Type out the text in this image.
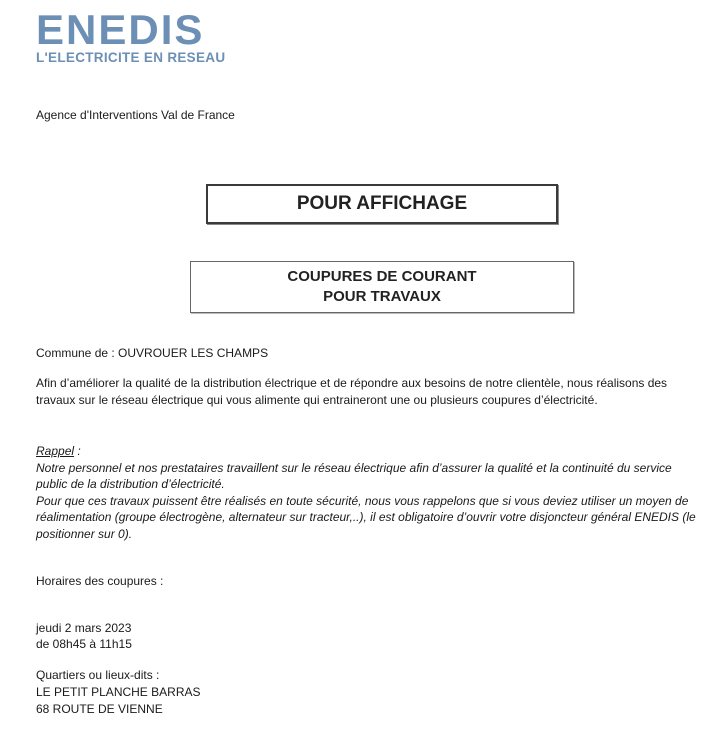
ENEDIS
L'ELECTRICITE EN RESEAU
Agence d'Interventions Val de France
POUR AFFICHAGE
COUPURES DE COURANT
POUR TRAVAUX
Commune de : OUVROUER LES CHAMPS
Afin d’améliorer la qualité de la distribution électrique et de répondre aux besoins de notre clientèle, nous réalisons des travaux sur le réseau électrique qui vous alimente qui entraineront une ou plusieurs coupures d’électricité.
Rappel :
Notre personnel et nos prestataires travaillent sur le réseau électrique afin d’assurer la qualité et la continuité du service public de la distribution d’électricité.
Pour que ces travaux puissent être réalisés en toute sécurité, nous vous rappelons que si vous deviez utiliser un moyen de réalimentation (groupe électrogène, alternateur sur tracteur,..), il est obligatoire d’ouvrir votre disjoncteur général ENEDIS (le positionner sur 0).
Horaires des coupures :
jeudi 2 mars 2023
de 08h45 à 11h15
Quartiers ou lieux-dits :
LE PETIT PLANCHE BARRAS
68 ROUTE DE VIENNE
